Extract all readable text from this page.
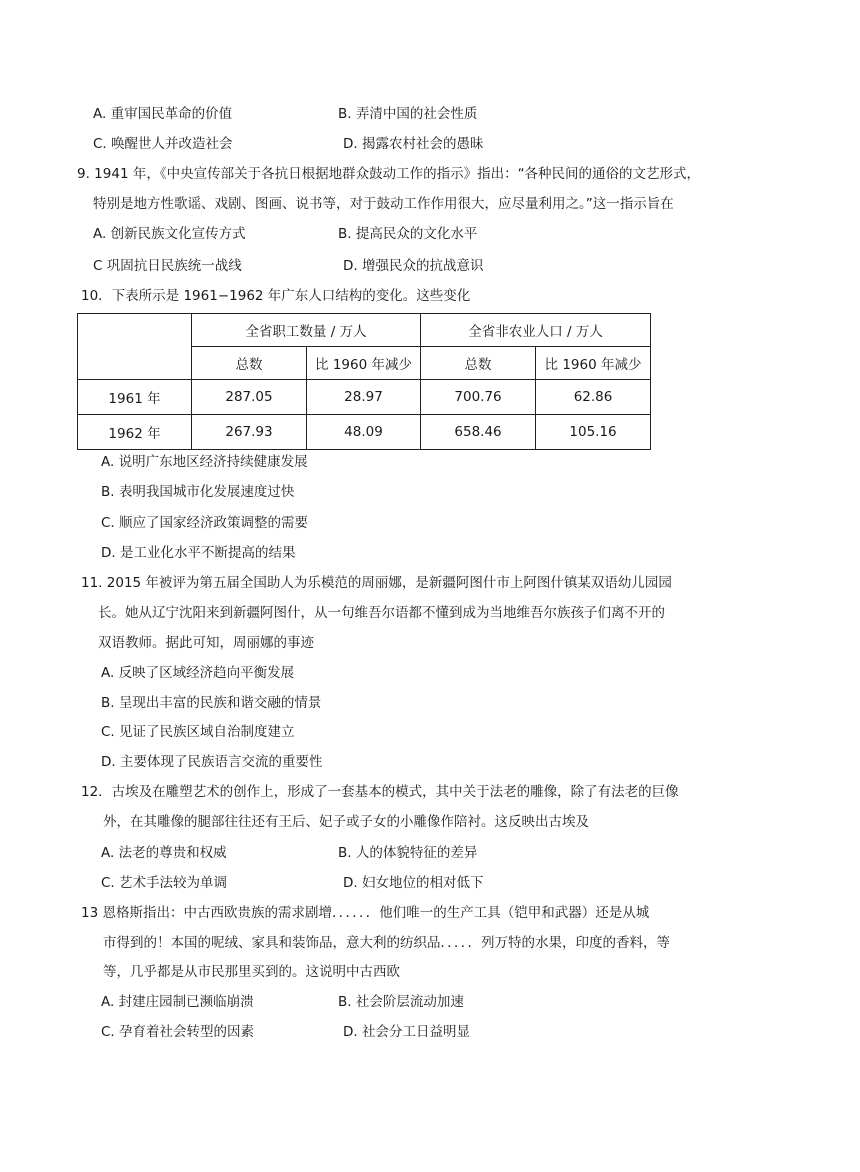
A. 重审国民革命的价值	B. 弄清中国的社会性质
C. 唤醒世人并改造社会	D. 揭露农村社会的愚昧
9. 1941 年，《中央宣传部关于各抗日根据地群众鼓动工作的指示》指出：“各种民间的通俗的文艺形式，
特别是地方性歌谣、戏剧、图画、说书等，对于鼓动工作作用很大，应尽量利用之。”这一指示旨在
A. 创新民族文化宣传方式	B. 提高民众的文化水平
C 巩固抗日民族统一战线	D. 增强民众的抗战意识
10．下表所示是 1961−1962 年广东人口结构的变化。这些变化
	全省职工数量 / 万人		全省非农业人口 / 万人	
	总数	比 1960 年减少	总数	比 1960 年减少
1961 年	287.05	28.97	700.76	62.86
1962 年	267.93	48.09	658.46	105.16
A. 说明广东地区经济持续健康发展
B. 表明我国城市化发展速度过快
C. 顺应了国家经济政策调整的需要
D. 是工业化水平不断提高的结果
11. 2015 年被评为第五届全国助人为乐模范的周丽娜，是新疆阿图什市上阿图什镇某双语幼儿园园
长。她从辽宁沈阳来到新疆阿图什，从一句维吾尔语都不懂到成为当地维吾尔族孩子们离不开的
双语教师。据此可知，周丽娜的事迹
A. 反映了区域经济趋向平衡发展
B. 呈现出丰富的民族和谐交融的情景
C. 见证了民族区域自治制度建立
D. 主要体现了民族语言交流的重要性
12．古埃及在雕塑艺术的创作上，形成了一套基本的模式，其中关于法老的雕像，除了有法老的巨像
外，在其雕像的腿部往往还有王后、妃子或子女的小雕像作陪衬。这反映出古埃及
A. 法老的尊贵和权威	B. 人的体貌特征的差异
C. 艺术手法较为单调	D. 妇女地位的相对低下
13 恩格斯指出：中古西欧贵族的需求剧增．．．．．．他们唯一的生产工具（铠甲和武器）还是从城
市得到的！本国的呢绒、家具和装饰品，意大利的纺织品．．．．．列万特的水果，印度的香料，等
等，几乎都是从市民那里买到的。这说明中古西欧
A. 封建庄园制已濒临崩溃	B. 社会阶层流动加速
C. 孕育着社会转型的因素	D. 社会分工日益明显
